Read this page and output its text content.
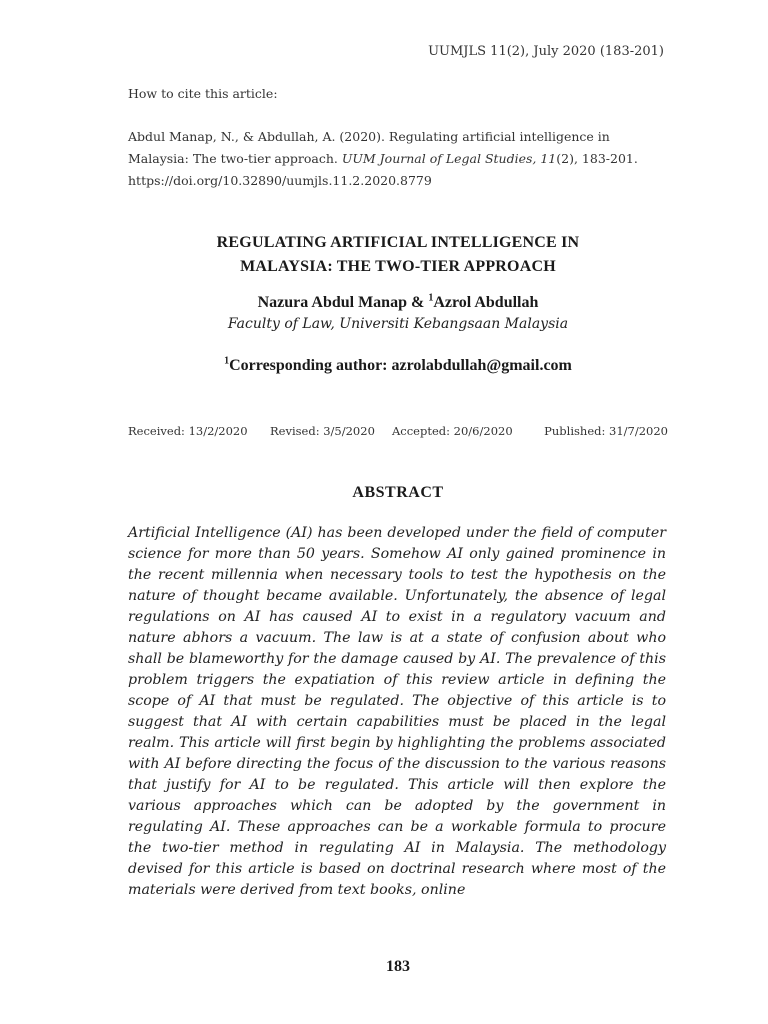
UUMJLS 11(2), July 2020 (183-201)
How to cite this article:
Abdul Manap, N., & Abdullah, A. (2020). Regulating artificial intelligence in Malaysia: The two-tier approach. UUM Journal of Legal Studies, 11(2), 183-201. https://doi.org/10.32890/uumjls.11.2.2020.8779
REGULATING ARTIFICIAL INTELLIGENCE IN
MALAYSIA: THE TWO-TIER APPROACH
Nazura Abdul Manap & $^1$Azrol Abdullah
Faculty of Law, Universiti Kebangsaan Malaysia
$^1$Corresponding author: azrolabdullah@gmail.com
Received: 13/2/2020 Revised: 3/5/2020 Accepted: 20/6/2020	Published: 31/7/2020
ABSTRACT
Artificial Intelligence (AI) has been developed under the field of computer science for more than 50 years. Somehow AI only gained prominence in the recent millennia when necessary tools to test the hypothesis on the nature of thought became available. Unfortunately, the absence of legal regulations on AI has caused AI to exist in a regulatory vacuum and nature abhors a vacuum. The law is at a state of confusion about who shall be blameworthy for the damage caused by AI. The prevalence of this problem triggers the expatiation of this review article in defining the scope of AI that must be regulated. The objective of this article is to suggest that AI with certain capabilities must be placed in the legal realm. This article will first begin by highlighting the problems associated with AI before directing the focus of the discussion to the various reasons that justify for AI to be regulated. This article will then explore the various approaches which can be adopted by the government in regulating AI. These approaches can be a workable formula to procure the two-tier method in regulating AI in Malaysia. The methodology devised for this article is based on doctrinal research where most of the materials were derived from text books, online
183
